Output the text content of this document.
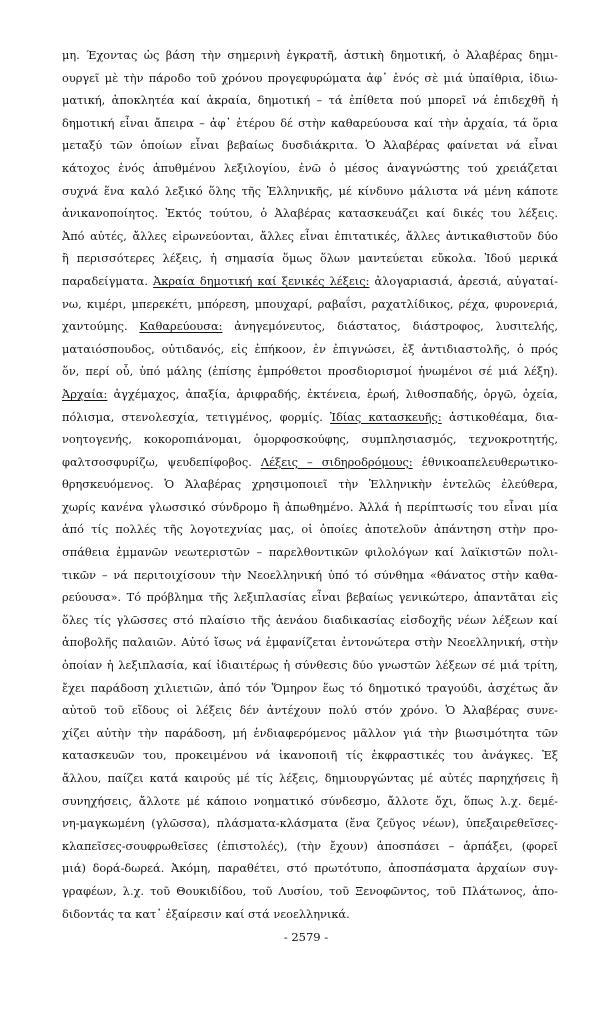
μη. Έχοντας ὡς βάση τὴν σημερινὴ ἐγκρατῆ, ἀστικὴ δημοτική, ὁ Ἀλαβέρας δημι-
ουργεῖ μὲ τὴν πάροδο τοῦ χρόνου προγεφυρώματα ἀφ᾿ ἑνός σὲ μιά ὑπαίθρια, ἰδιω-
ματική, ἀποκλητέα καί ἀκραία, δημοτική – τά ἐπίθετα πού μπορεῖ νά ἐπιδεχθῆ ἡ
δημοτική εἶναι ἄπειρα – ἀφ᾿ ἑτέρου δέ στὴν καθαρεύουσα καί τὴν ἀρχαία, τά ὅρια
μεταξύ τῶν ὁποίων εἶναι βεβαίως δυσδιάκριτα. Ὁ Ἀλαβέρας φαίνεται νά εἶναι
κάτοχος ἑνός ἀπυθμένου λεξιλογίου, ἐνῶ ὁ μέσος ἀναγνώστης τού χρειάζεται
συχνά ἕνα καλό λεξικό ὅλης τῆς Ἑλληνικῆς, μέ κίνδυνο μάλιστα νά μένη κάποτε
ἀνικανοποίητος. Ἐκτός τούτου, ὁ Ἀλαβέρας κατασκευάζει καί δικές του λέξεις.
Ἀπό αὐτές, ἄλλες εἰρωνεύονται, ἄλλες εἶναι ἐπιτατικές, ἄλλες ἀντικαθιστοῦν δύο
ἢ περισσότερες λέξεις, ἡ σημασία ὅμως ὅλων μαντεύεται εὔκολα. Ἰδού μερικά
παραδείγματα. Ἀκραία δημοτική καί ξενικές λέξεις: ἀλογαριασιά, ἀρεσιά, αὐγαταί-
νω, κιμέρι, μπερεκέτι, μπόρεση, μπουχαρί, ραβαΐσι, ραχατλίδικος, ρέχα, φυρονεριά,
χαντούμης. Καθαρεύουσα: ἀνηγεμόνευτος, διάστατος, διάστροφος, λυσιτελής,
ματαιόσπουδος, οὐτιδανός, εἰς ἐπήκοον, ἐν ἐπιγνώσει, ἐξ ἀντιδιαστολῆς, ὁ πρός
ὅν, περί οὗ, ὑπό μάλης (ἐπίσης ἐμπρόθετοι προσδιορισμοί ἡνωμένοι σέ μιά λέξη).
Ἀρχαία: ἀγχέμαχος, ἀπαξία, ἀριφραδής, ἐκτένεια, ἐρωή, λιθοσπαδής, ὀργῶ, ὀχεία,
πόλισμα, στενολεσχία, τετιγμένος, φορμίς. Ἰδίας κατασκευῆς: ἀστικοθέαμα, δια-
νοητογενής, κοκοροπιάνομαι, ὁμορφοσκούφης, συμπλησιασμός, τεχνοκροτητής,
φαλτσοσφυρίζω, ψευδεπίφοβος. Λέξεις – σιδηροδρόμους: ἐθνικοαπελευθερωτικο-
θρησκευόμενος. Ὁ Ἀλαβέρας χρησιμοποιεῖ τὴν Ἑλληνικὴν ἐντελῶς ἐλεύθερα,
χωρίς κανένα γλωσσικό σύνδρομο ἢ ἀπωθημένο. Ἀλλά ἡ περίπτωσίς του εἶναι μία
ἀπό τίς πολλές τῆς λογοτεχνίας μας, οἱ ὁποίες ἀποτελοῦν ἀπάντηση στὴν προ-
σπάθεια ἐμμανῶν νεωτεριστῶν – παρελθοντικῶν φιλολόγων καί λαϊκιστῶν πολι-
τικῶν – νά περιτοιχίσουν τὴν Νεοελληνική ὑπό τό σύνθημα «θάνατος στὴν καθα-
ρεύουσα». Τό πρόβλημα τῆς λεξιπλασίας εἶναι βεβαίως γενικώτερο, ἀπαντᾶται εἰς
ὅλες τίς γλῶσσες στό πλαίσιο τῆς ἀενάου διαδικασίας εἰσδοχῆς νέων λέξεων καί
ἀποβολῆς παλαιῶν. Αὐτό ἴσως νά ἐμφανίζεται ἐντονώτερα στὴν Νεοελληνική, στὴν
ὁποίαν ἡ λεξιπλασία, καί ἰδιαιτέρως ἡ σύνθεσις δύο γνωστῶν λέξεων σέ μιά τρίτη,
ἔχει παράδοση χιλιετιῶν, ἀπό τόν Ὅμηρον ἕως τό δημοτικό τραγούδι, ἀσχέτως ἄν
αὐτοῦ τοῦ εἴδους οἱ λέξεις δέν ἀντέχουν πολύ στόν χρόνο. Ὁ Ἀλαβέρας συνε-
χίζει αὐτὴν τὴν παράδοση, μή ἐνδιαφερόμενος μᾶλλον γιά τὴν βιωσιμότητα τῶν
κατασκευῶν του, προκειμένου νά ἱκανοποιῆ τίς ἐκφραστικές του ἀνάγκες. Ἐξ
ἄλλου, παίζει κατά καιρούς μέ τίς λέξεις, δημιουργώντας μέ αὐτές παρηχήσεις ἢ
συνηχήσεις, ἄλλοτε μέ κάποιο νοηματικό σύνδεσμο, ἄλλοτε ὄχι, ὅπως λ.χ. δεμέ-
νη-μαγκωμένη (γλῶσσα), πλάσματα-κλάσματα (ἕνα ζεῦγος νέων), ὑπεξαιρεθεῖσες-
κλαπεῖσες-σουφρωθεῖσες (ἐπιστολές), (τὴν ἔχουν) ἀποσπάσει – ἁρπάξει, (φορεῖ
μιά) δορά-δωρεά. Ἀκόμη, παραθέτει, στό πρωτότυπο, ἀποσπάσματα ἀρχαίων συγ-
γραφέων, λ.χ. τοῦ Θουκιδίδου, τοῦ Λυσίου, τοῦ Ξενοφῶντος, τοῦ Πλάτωνος, ἀπο-
διδοντάς τα κατ᾿ ἐξαίρεσιν καί στά νεοελληνικά.
- 2579 -
